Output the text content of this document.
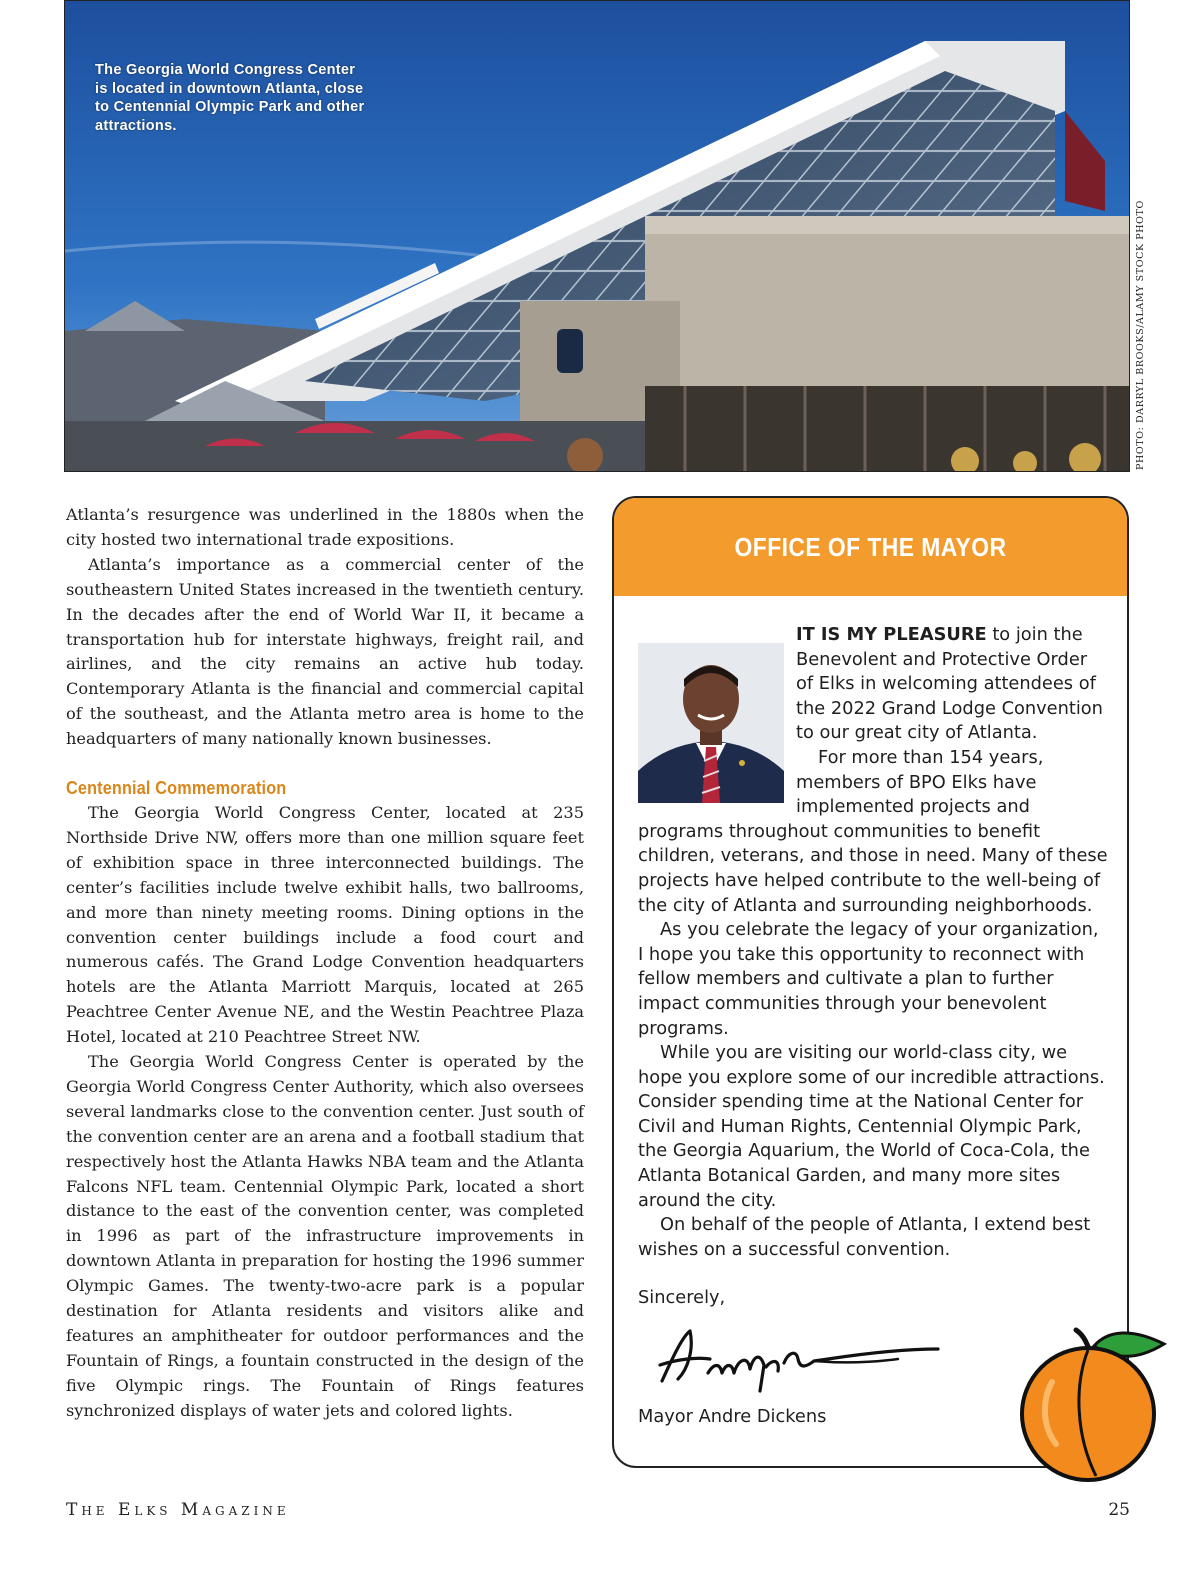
The Georgia World Congress Center is located in downtown Atlanta, close to Centennial Olympic Park and other attractions.
PHOTO: DARRYL BROOKS/ALAMY STOCK PHOTO

Atlanta’s resurgence was underlined in the 1880s when the city hosted two international trade expositions.

Atlanta’s importance as a commercial center of the southeastern United States increased in the twentieth century. In the decades after the end of World War II, it became a transportation hub for interstate highways, freight rail, and airlines, and the city remains an active hub today. Contemporary Atlanta is the financial and commercial capital of the southeast, and the Atlanta metro area is home to the headquarters of many nationally known businesses.

Centennial Commemoration

The Georgia World Congress Center, located at 235 Northside Drive NW, offers more than one million square feet of exhibition space in three interconnected buildings. The center’s facilities include twelve exhibit halls, two ballrooms, and more than ninety meeting rooms. Dining options in the convention center buildings include a food court and numerous cafés. The Grand Lodge Convention headquarters hotels are the Atlanta Marriott Marquis, located at 265 Peachtree Center Avenue NE, and the Westin Peachtree Plaza Hotel, located at 210 Peachtree Street NW.

The Georgia World Congress Center is operated by the Georgia World Congress Center Authority, which also oversees several landmarks close to the convention center. Just south of the convention center are an arena and a football stadium that respectively host the Atlanta Hawks NBA team and the Atlanta Falcons NFL team. Centennial Olympic Park, located a short distance to the east of the convention center, was completed in 1996 as part of the infrastructure improvements in downtown Atlanta in preparation for hosting the 1996 summer Olympic Games. The twenty-two-acre park is a popular destination for Atlanta residents and visitors alike and features an amphitheater for outdoor performances and the Fountain of Rings, a fountain constructed in the design of the five Olympic rings. The Fountain of Rings features synchronized displays of water jets and colored lights.

OFFICE OF THE MAYOR

IT IS MY PLEASURE to join the Benevolent and Protective Order of Elks in welcoming attendees of the 2022 Grand Lodge Convention to our great city of Atlanta.

For more than 154 years, members of BPO Elks have implemented projects and programs throughout communities to benefit children, veterans, and those in need. Many of these projects have helped contribute to the well-being of the city of Atlanta and surrounding neighborhoods.

As you celebrate the legacy of your organization, I hope you take this opportunity to reconnect with fellow members and cultivate a plan to further impact communities through your benevolent programs.

While you are visiting our world-class city, we hope you explore some of our incredible attractions. Consider spending time at the National Center for Civil and Human Rights, Centennial Olympic Park, the Georgia Aquarium, the World of Coca-Cola, the Atlanta Botanical Garden, and many more sites around the city.

On behalf of the people of Atlanta, I extend best wishes on a successful convention.

Sincerely,

Mayor Andre Dickens

The Elks Magazine	25
